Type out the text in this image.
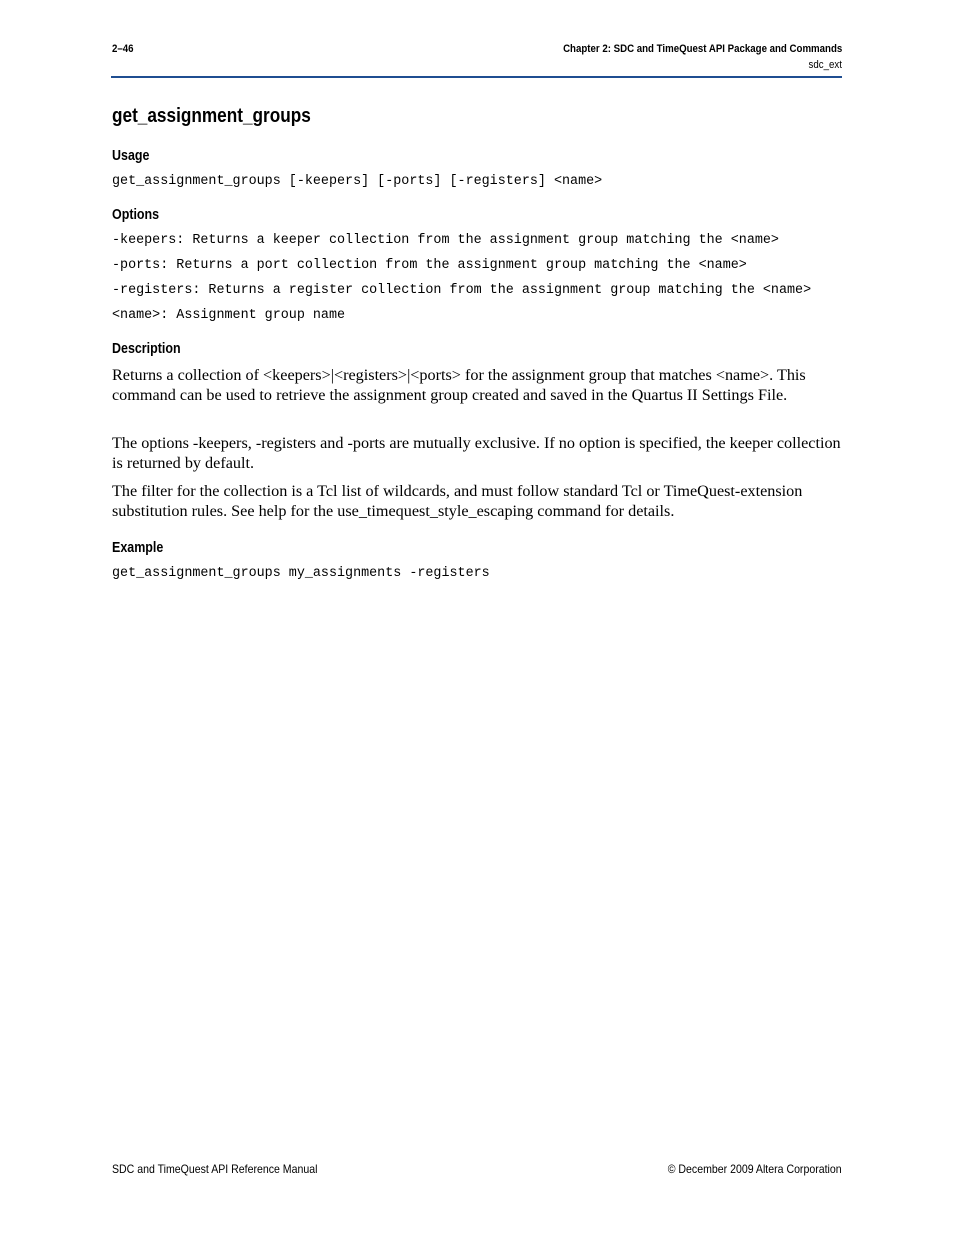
2–46	Chapter 2: SDC and TimeQuest API Package and Commands
sdc_ext
get_assignment_groups
Usage
get_assignment_groups [-keepers] [-ports] [-registers] <name>
Options
-keepers: Returns a keeper collection from the assignment group matching the <name>
-ports: Returns a port collection from the assignment group matching the <name>
-registers: Returns a register collection from the assignment group matching the <name>
<name>: Assignment group name
Description

Returns a collection of <keepers>|<registers>|<ports> for the assignment group that matches <name>. This command can be used to retrieve the assignment group created and saved in the Quartus II Settings File.

The options -keepers, -registers and -ports are mutually exclusive. If no option is specified, the keeper collection is returned by default.

The filter for the collection is a Tcl list of wildcards, and must follow standard Tcl or TimeQuest-extension substitution rules. See help for the use_timequest_style_escaping command for details.

Example
get_assignment_groups my_assignments -registers
SDC and TimeQuest API Reference Manual	© December 2009 Altera Corporation
